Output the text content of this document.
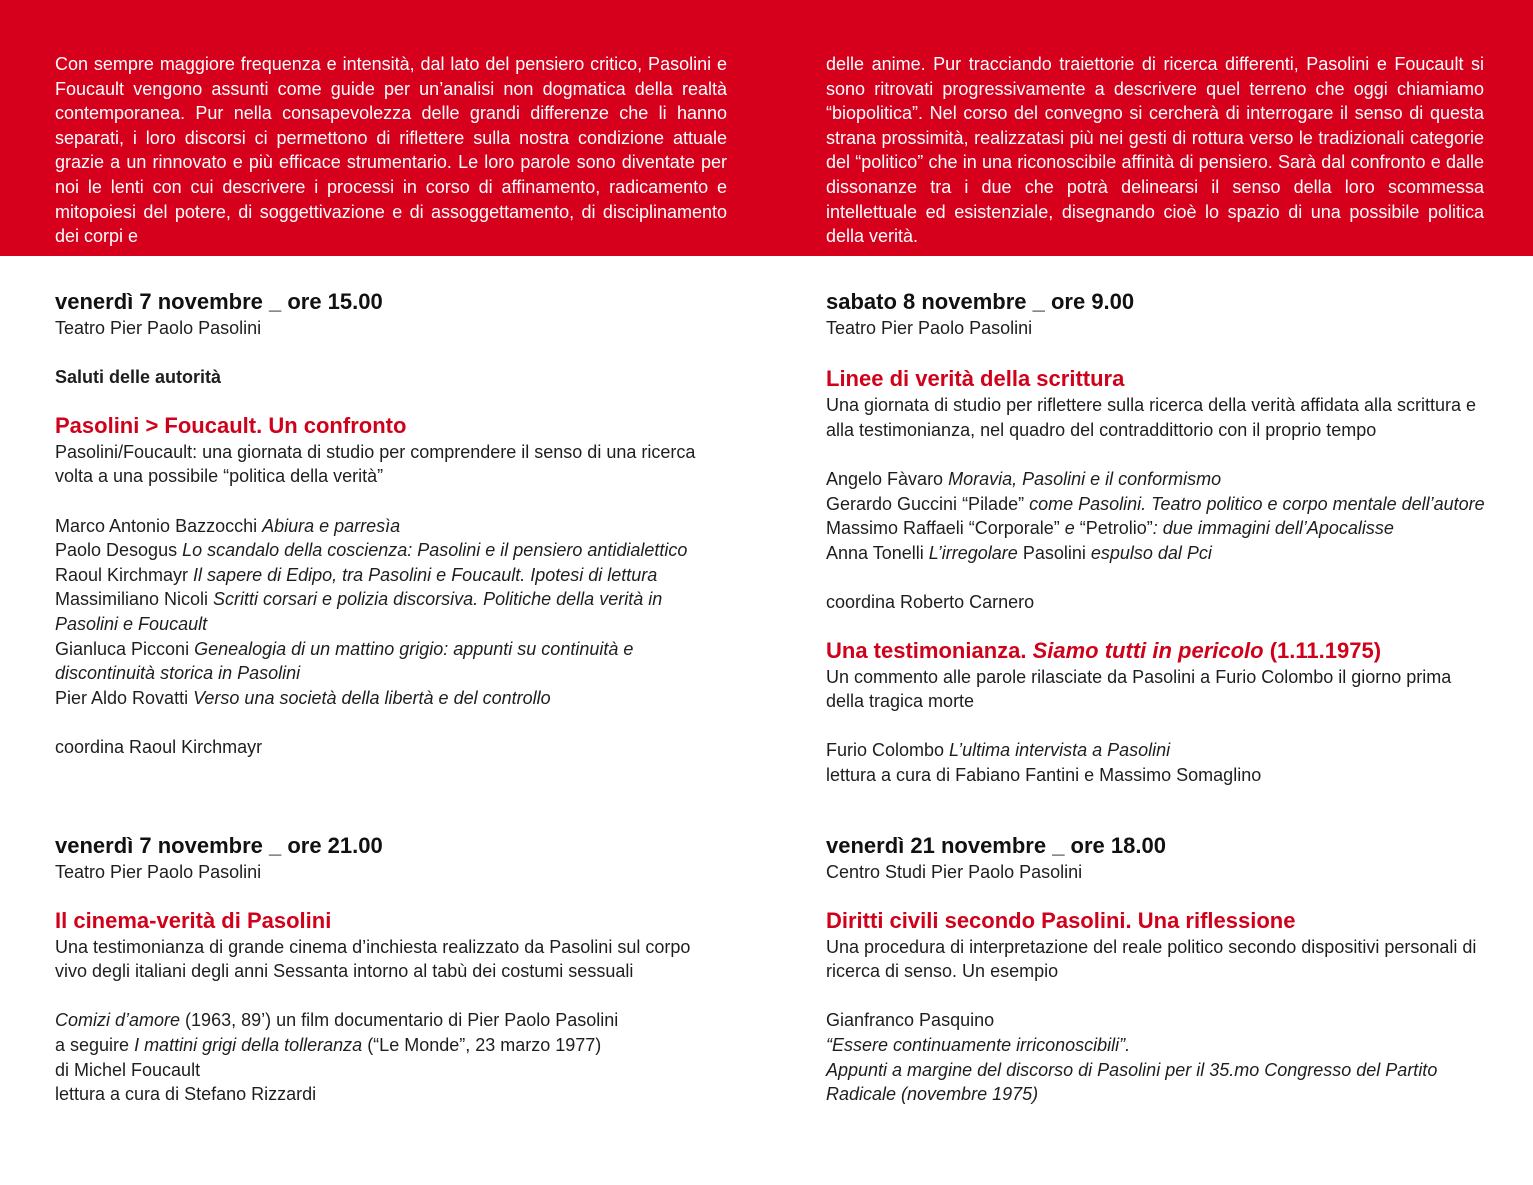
Con sempre maggiore frequenza e intensità, dal lato del pensiero critico, Pasolini e Foucault vengono assunti come guide per un’analisi non dogmatica della realtà contemporanea. Pur nella consapevolezza delle grandi differenze che li hanno separati, i loro discorsi ci permettono di riflettere sulla nostra condizione attuale grazie a un rinnovato e più efficace strumentario. Le loro parole sono diventate per noi le lenti con cui descrivere i processi in corso di affinamento, radicamento e mitopoiesi del potere, di soggettivazione e di assoggettamento, di disciplinamento dei corpi e

delle anime. Pur tracciando traiettorie di ricerca differenti, Pasolini e Foucault si sono ritrovati progressivamente a descrivere quel terreno che oggi chiamiamo “biopolitica”. Nel corso del convegno si cercherà di interrogare il senso di questa strana prossimità, realizzatasi più nei gesti di rottura verso le tradizionali categorie del “politico” che in una riconoscibile affinità di pensiero. Sarà dal confronto e dalle dissonanze tra i due che potrà delinearsi il senso della loro scommessa intellettuale ed esistenziale, disegnando cioè lo spazio di una possibile politica della verità.

venerdì 7 novembre _ ore 15.00
Teatro Pier Paolo Pasolini
Saluti delle autorità
Pasolini > Foucault. Un confronto
Pasolini/Foucault: una giornata di studio per comprendere il senso di una ricerca
volta a una possibile “politica della verità”
Marco Antonio Bazzocchi Abiura e parresìa
Paolo Desogus Lo scandalo della coscienza: Pasolini e il pensiero antidialettico
Raoul Kirchmayr Il sapere di Edipo, tra Pasolini e Foucault. Ipotesi di lettura
Massimiliano Nicoli Scritti corsari e polizia discorsiva. Politiche della verità in
Pasolini e Foucault
Gianluca Picconi Genealogia di un mattino grigio: appunti su continuità e
discontinuità storica in Pasolini
Pier Aldo Rovatti Verso una società della libertà e del controllo
coordina Raoul Kirchmayr
sabato 8 novembre _ ore 9.00
Teatro Pier Paolo Pasolini
Linee di verità della scrittura
Una giornata di studio per riflettere sulla ricerca della verità affidata alla scrittura e
alla testimonianza, nel quadro del contraddittorio con il proprio tempo
Angelo Fàvaro Moravia, Pasolini e il conformismo
Gerardo Guccini “Pilade” come Pasolini. Teatro politico e corpo mentale dell’autore
Massimo Raffaeli “Corporale” e “Petrolio”: due immagini dell’Apocalisse
Anna Tonelli L’irregolare Pasolini espulso dal Pci
coordina Roberto Carnero
Una testimonianza. Siamo tutti in pericolo (1.11.1975)
Un commento alle parole rilasciate da Pasolini a Furio Colombo il giorno prima
della tragica morte
Furio Colombo L’ultima intervista a Pasolini
lettura a cura di Fabiano Fantini e Massimo Somaglino
venerdì 7 novembre _ ore 21.00
Teatro Pier Paolo Pasolini
Il cinema-verità di Pasolini
Una testimonianza di grande cinema d’inchiesta realizzato da Pasolini sul corpo
vivo degli italiani degli anni Sessanta intorno al tabù dei costumi sessuali
Comizi d’amore (1963, 89’) un film documentario di Pier Paolo Pasolini
a seguire I mattini grigi della tolleranza (“Le Monde”, 23 marzo 1977)
di Michel Foucault
lettura a cura di Stefano Rizzardi
venerdì 21 novembre _ ore 18.00
Centro Studi Pier Paolo Pasolini
Diritti civili secondo Pasolini. Una riflessione
Una procedura di interpretazione del reale politico secondo dispositivi personali di
ricerca di senso. Un esempio
Gianfranco Pasquino
“Essere continuamente irriconoscibili”.
Appunti a margine del discorso di Pasolini per il 35.mo Congresso del Partito
Radicale (novembre 1975)
